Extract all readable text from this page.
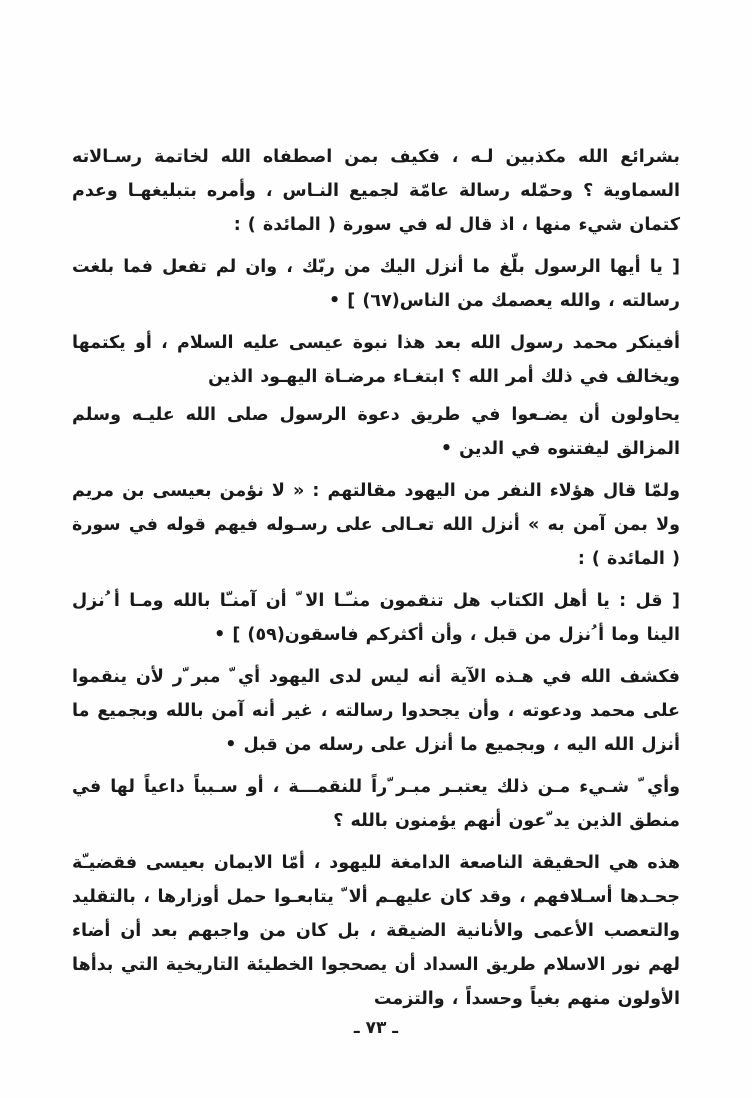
بشرائع الله مكذبين لـه ، فكيف بمن اصطفاه الله لخاتمة رسـالاته السماوية ؟ وحمّله رسالة عامّة لجميع النـاس ، وأمره بتبليغهـا وعدم كتمان شيء منها ، اذ قال له في سورة ( المائدة ) :

[ يا أيها الرسول بلّغ ما أنزل اليك من ربّك ، وان لم تفعل فما بلغت رسالته ، والله يعصمك من الناس(٦٧) ] •

أفينكر محمد رسول الله بعد هذا نبوة عيسى عليه السلام ، أو يكتمها ويخالف في ذلك أمر الله ؟ ابتغـاء مرضـاة اليهـود الذين

يحاولون أن يضـعوا في طريق دعوة الرسول صلى الله عليـه وسلم المزالق ليفتنوه في الدين •

ولمّا قال هؤلاء النفر من اليهود مقالتهم : « لا نؤمن بعيسى بن مريم ولا بمن آمن به » أنزل الله تعـالى على رسـوله فيهم قوله في سورة ( المائدة ) :

[ قل : يا أهل الكتاب هل تنقمون منـّـا الا ّ أن آمنـّا بالله ومـا أ ُنزل الينا وما أ ُنزل من قبل ، وأن أكثركم فاسقون(٥٩) ] •

فكشف الله في هـذه الآية أنه ليس لدى اليهود أي ّ مبر ّر لأن ينقموا على محمد ودعوته ، وأن يجحدوا رسالته ، غير أنه آمن بالله وبجميع ما أنزل الله اليه ، وبجميع ما أنزل على رسله من قبل •

وأي ّ شـيء مـن ذلك يعتبـر مبـر ّراً للنقمـــة ، أو سـبباً داعياً لها في منطق الذين يد ّعون أنهم يؤمنون بالله ؟

هذه هي الحقيقة الناصعة الدامغة لليهود ، أمّا الايمان بعيسى فقضيـّة جحـدها أسـلافهم ، وقد كان عليهـم ألا ّ يتابعـوا حمل أوزارها ، بالتقليد والتعصب الأعمى والأنانية الضيقة ، بل كان من واجبهم بعد أن أضاء لهم نور الاسلام طريق السداد أن يصحجوا الخطيئة التاريخية التي بدأها الأولون منهم بغياً وحسداً ، والتزمت

ـ ٧٣ ـ
